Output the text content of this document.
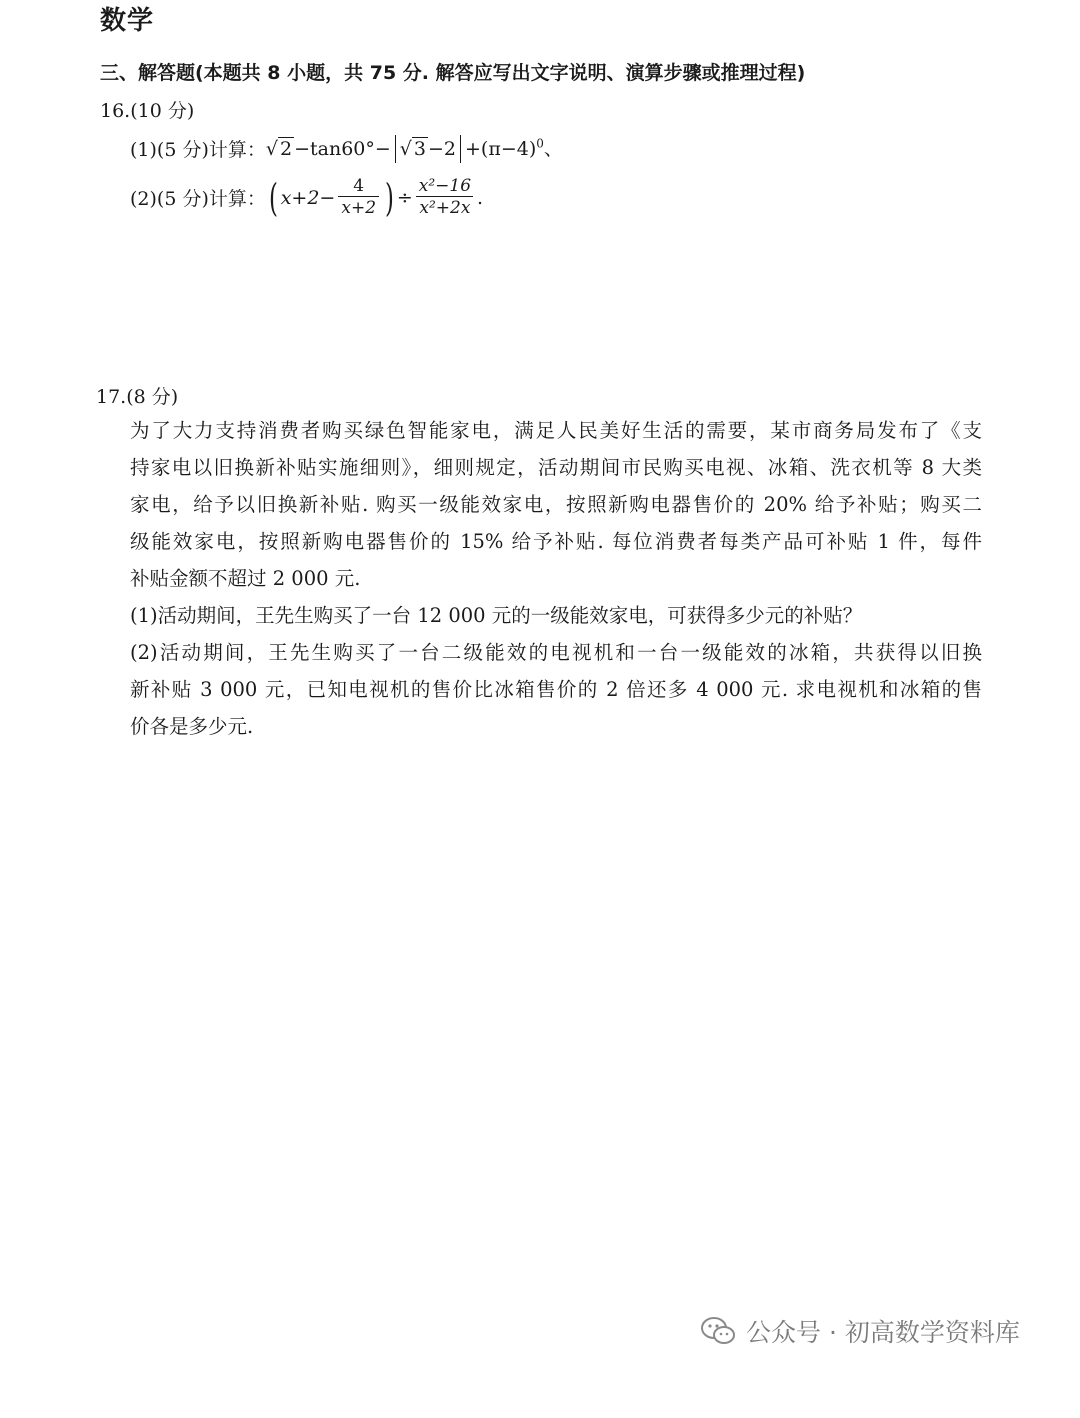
数学
三、解答题(本题共 8 小题，共 75 分. 解答应写出文字说明、演算步骤或推理过程)
16.(10 分)
(1)(5 分)计算： √ 2 −tan60°− √ $3 -2 +(\pi-4)^0$、
(2)(5 分)计算： ( $x+2- \frac{4}{x+2}$ ) ÷ $\frac{\text{x²−16}}{\text{x²+2x}}$ .
17.(8 分)
为了大力支持消费者购买绿色智能家电，满足人民美好生活的需要，某市商务局发布了《支
持家电以旧换新补贴实施细则》，细则规定，活动期间市民购买电视、冰箱、洗衣机等 8 大类
家电，给予以旧换新补贴. 购买一级能效家电，按照新购电器售价的 20% 给予补贴；购买二
级能效家电，按照新购电器售价的 15% 给予补贴. 每位消费者每类产品可补贴 1 件，每件
补贴金额不超过 2 000 元.
(1)活动期间，王先生购买了一台 12 000 元的一级能效家电，可获得多少元的补贴？
(2)活动期间，王先生购买了一台二级能效的电视机和一台一级能效的冰箱，共获得以旧换
新补贴 3 000 元，已知电视机的售价比冰箱售价的 2 倍还多 4 000 元. 求电视机和冰箱的售
价各是多少元.
公众号 · 初高数学资料库
